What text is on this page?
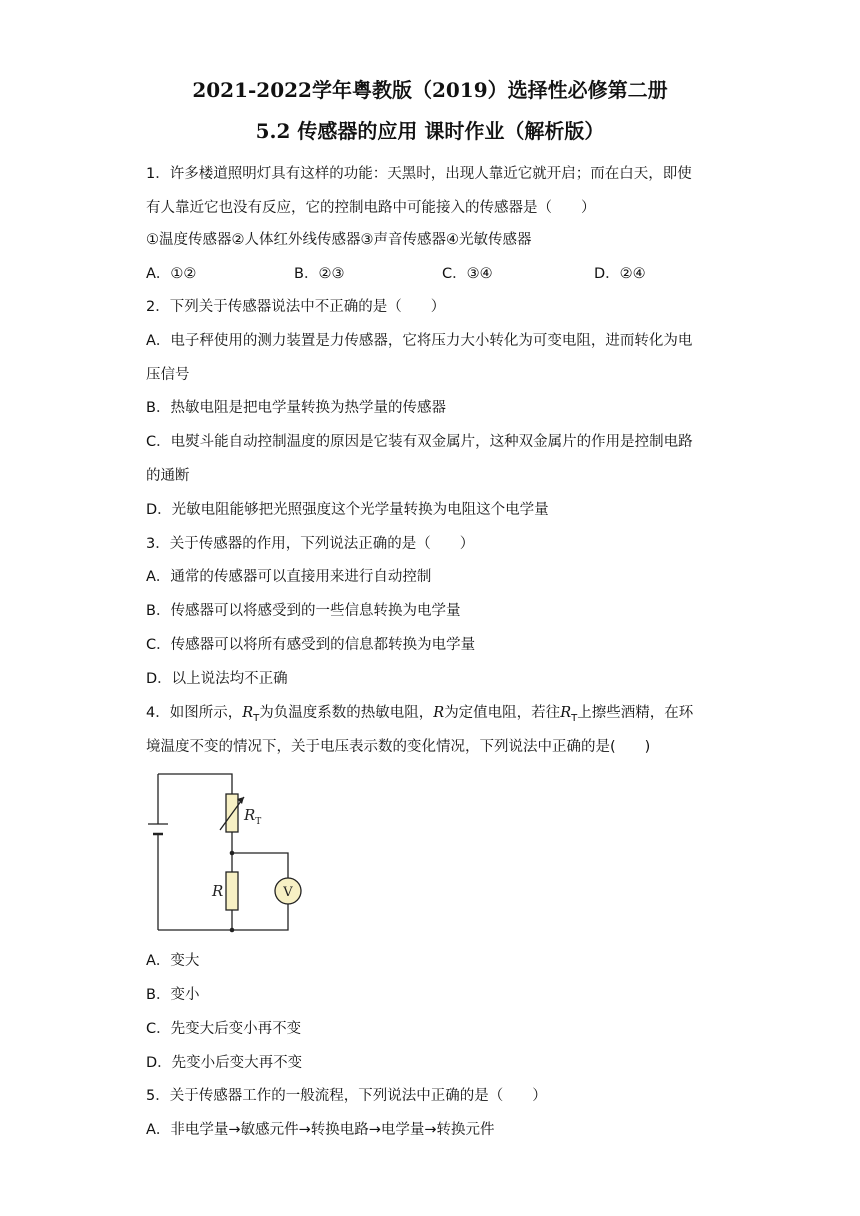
2021-2022学年粤教版（2019）选择性必修第二册
5.2 传感器的应用 课时作业（解析版）
1．许多楼道照明灯具有这样的功能：天黑时，出现人靠近它就开启；而在白天，即使
有人靠近它也没有反应，它的控制电路中可能接入的传感器是（　　）
①温度传感器②人体红外线传感器③声音传感器④光敏传感器
A．①②	B．②③	C．③④	D．②④
2．下列关于传感器说法中不正确的是（　　）
A．电子秤使用的测力装置是力传感器，它将压力大小转化为可变电阻，进而转化为电
压信号
B．热敏电阻是把电学量转换为热学量的传感器
C．电熨斗能自动控制温度的原因是它装有双金属片，这种双金属片的作用是控制电路
的通断
D．光敏电阻能够把光照强度这个光学量转换为电阻这个电学量
3．关于传感器的作用，下列说法正确的是（　　）
A．通常的传感器可以直接用来进行自动控制
B．传感器可以将感受到的一些信息转换为电学量
C．传感器可以将所有感受到的信息都转换为电学量
D．以上说法均不正确
4．如图所示，$R_T$为负温度系数的热敏电阻，R为定值电阻，若往$R_T$上擦些酒精，在环
境温度不变的情况下，关于电压表示数的变化情况，下列说法中正确的是(　　)
$R_T$
R	V
A．变大
B．变小
C．先变大后变小再不变
D．先变小后变大再不变
5．关于传感器工作的一般流程，下列说法中正确的是（　　）
A．非电学量→敏感元件→转换电路→电学量→转换元件
